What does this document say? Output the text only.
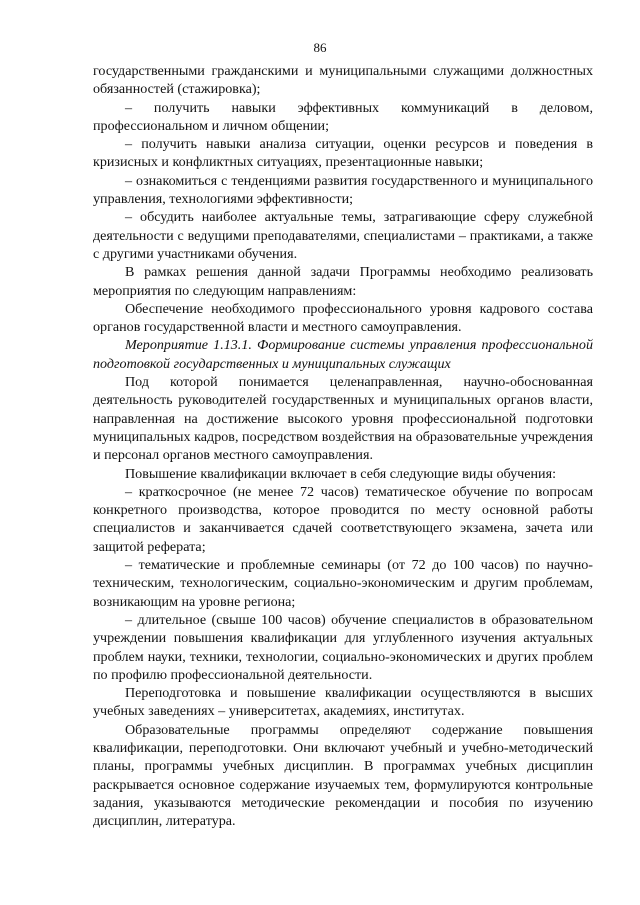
86

государственными гражданскими и муниципальными служащими должностных обязанностей (стажировка);

– получить навыки эффективных коммуникаций в деловом, профессиональном и личном общении;

– получить навыки анализа ситуации, оценки ресурсов и поведения в кризисных и конфликтных ситуациях, презентационные навыки;

– ознакомиться с тенденциями развития государственного и муниципального управления, технологиями эффективности;

– обсудить наиболее актуальные темы, затрагивающие сферу служебной деятельности с ведущими преподавателями, специалистами – практиками, а также с другими участниками обучения.

В рамках решения данной задачи Программы необходимо реализовать мероприятия по следующим направлениям:

Обеспечение необходимого профессионального уровня кадрового состава органов государственной власти и местного самоуправления.

Мероприятие 1.13.1. Формирование системы управления профессиональной подготовкой государственных и муниципальных служащих

Под которой понимается целенаправленная, научно-обоснованная деятельность руководителей государственных и муниципальных органов власти, направленная на достижение высокого уровня профессиональной подготовки муниципальных кадров, посредством воздействия на образовательные учреждения и персонал органов местного самоуправления.

Повышение квалификации включает в себя следующие виды обучения:

– краткосрочное (не менее 72 часов) тематическое обучение по вопросам конкретного производства, которое проводится по месту основной работы специалистов и заканчивается сдачей соответствующего экзамена, зачета или защитой реферата;

– тематические и проблемные семинары (от 72 до 100 часов) по научно-техническим, технологическим, социально-экономическим и другим проблемам, возникающим на уровне региона;

– длительное (свыше 100 часов) обучение специалистов в образовательном учреждении повышения квалификации для углубленного изучения актуальных проблем науки, техники, технологии, социально-экономических и других проблем по профилю профессиональной деятельности.

Переподготовка и повышение квалификации осуществляются в высших учебных заведениях – университетах, академиях, институтах.

Образовательные программы определяют содержание повышения квалификации, переподготовки. Они включают учебный и учебно-методический планы, программы учебных дисциплин. В программах учебных дисциплин раскрывается основное содержание изучаемых тем, формулируются контрольные задания, указываются методические рекомендации и пособия по изучению дисциплин, литература.
